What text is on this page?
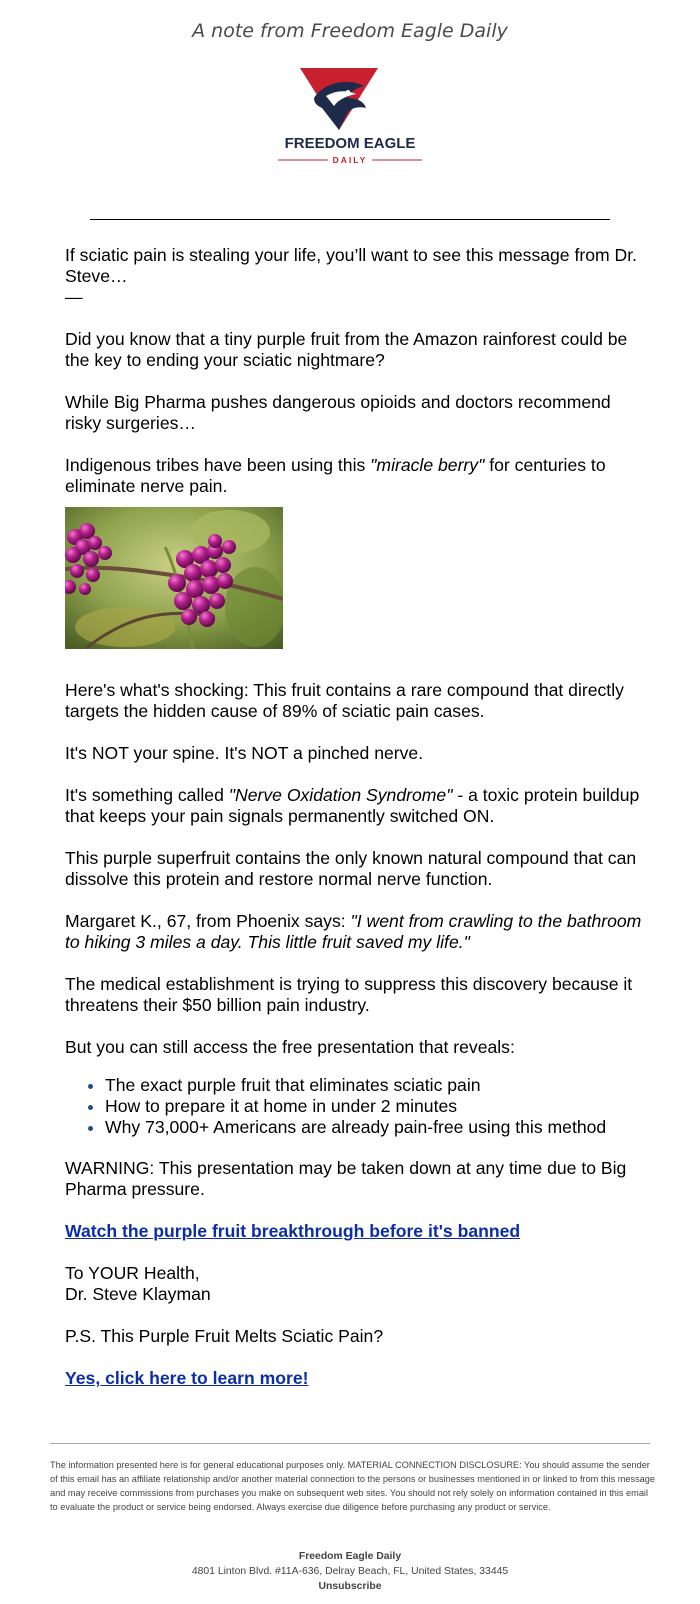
A note from Freedom Eagle Daily
FREEDOM EAGLE
DAILY

If sciatic pain is stealing your life, you’ll want to see this message from Dr. Steve…

—

Did you know that a tiny purple fruit from the Amazon rainforest could be the key to ending your sciatic nightmare?

While Big Pharma pushes dangerous opioids and doctors recommend risky surgeries…

Indigenous tribes have been using this "miracle berry" for centuries to eliminate nerve pain.

Here's what's shocking: This fruit contains a rare compound that directly targets the hidden cause of 89% of sciatic pain cases.

It's NOT your spine. It's NOT a pinched nerve.

It's something called "Nerve Oxidation Syndrome" - a toxic protein buildup that keeps your pain signals permanently switched ON.

This purple superfruit contains the only known natural compound that can dissolve this protein and restore normal nerve function.

Margaret K., 67, from Phoenix says: "I went from crawling to the bathroom to hiking 3 miles a day. This little fruit saved my life."

The medical establishment is trying to suppress this discovery because it threatens their $50 billion pain industry.

But you can still access the free presentation that reveals:

• The exact purple fruit that eliminates sciatic pain
• How to prepare it at home in under 2 minutes
• Why 73,000+ Americans are already pain-free using this method

WARNING: This presentation may be taken down at any time due to Big Pharma pressure.

Watch the purple fruit breakthrough before it's banned

To YOUR Health,

Dr. Steve Klayman

P.S. This Purple Fruit Melts Sciatic Pain?

Yes, click here to learn more!

The information presented here is for general educational purposes only. MATERIAL CONNECTION DISCLOSURE: You should assume the sender of this email has an affiliate relationship and/or another material connection to the persons or businesses mentioned in or linked to from this message and may receive commissions from purchases you make on subsequent web sites. You should not rely solely on information contained in this email to evaluate the product or service being endorsed. Always exercise due diligence before purchasing any product or service.
Freedom Eagle Daily
4801 Linton Blvd. #11A-636, Delray Beach, FL, United States, 33445
Unsubscribe
